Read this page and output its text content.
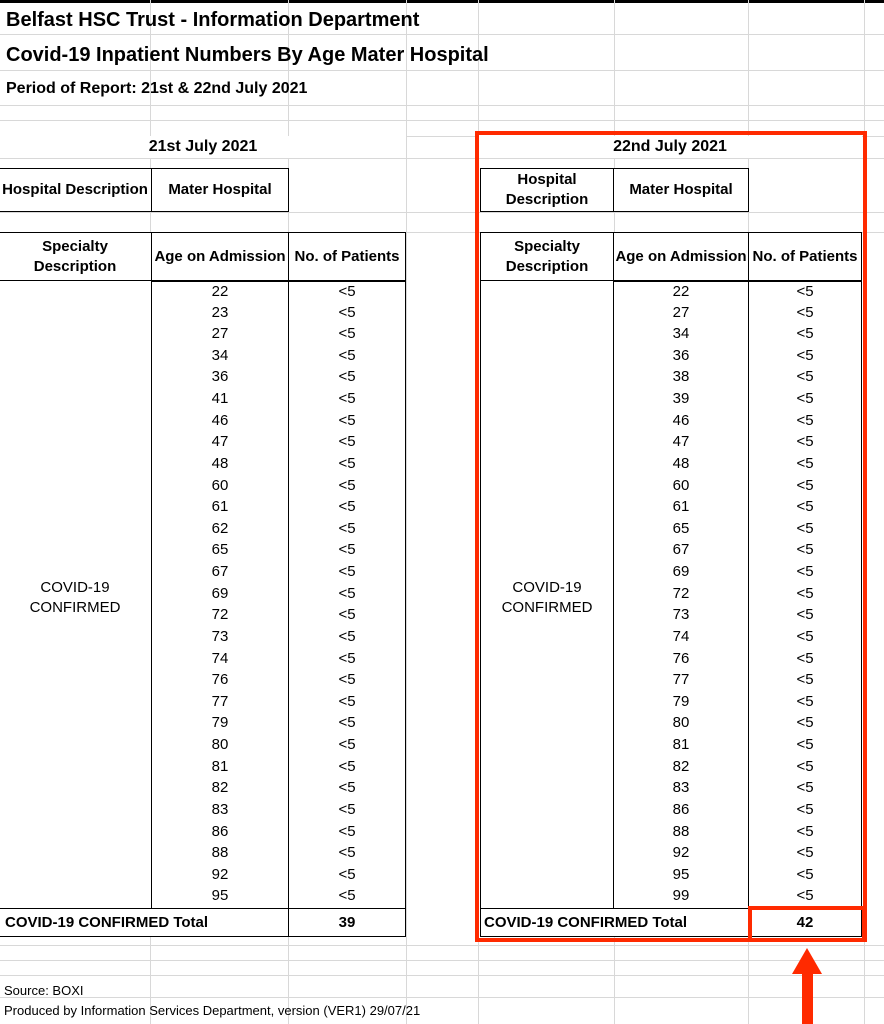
Belfast HSC Trust - Information Department
Covid-19 Inpatient Numbers By Age Mater Hospital
Period of Report: 21st & 22nd July 2021
21st July 2021
Hospital Description	Mater Hospital
Specialty Description
Age on Admission No. of Patients
COVID-19 CONFIRMED
22	<5
23	<5
27	<5
34	<5
36	<5
41	<5
46	<5
47	<5
48	<5
60	<5
61	<5
62	<5
65	<5
67	<5
69	<5
72	<5
73	<5
74	<5
76	<5
77	<5
79	<5
80	<5
81	<5
82	<5
83	<5
86	<5
88	<5
92	<5
95	<5
COVID-19 CONFIRMED Total	39
22nd July 2021
Hospital Description
Mater Hospital
Specialty Description
Age on Admission No. of Patients
COVID-19 CONFIRMED
22	<5
27	<5
34	<5
36	<5
38	<5
39	<5
46	<5
47	<5
48	<5
60	<5
61	<5
65	<5
67	<5
69	<5
72	<5
73	<5
74	<5
76	<5
77	<5
79	<5
80	<5
81	<5
82	<5
83	<5
86	<5
88	<5
92	<5
95	<5
99	<5
COVID-19 CONFIRMED Total	42
Source: BOXI
Produced by Information Services Department, version (VER1) 29/07/21
